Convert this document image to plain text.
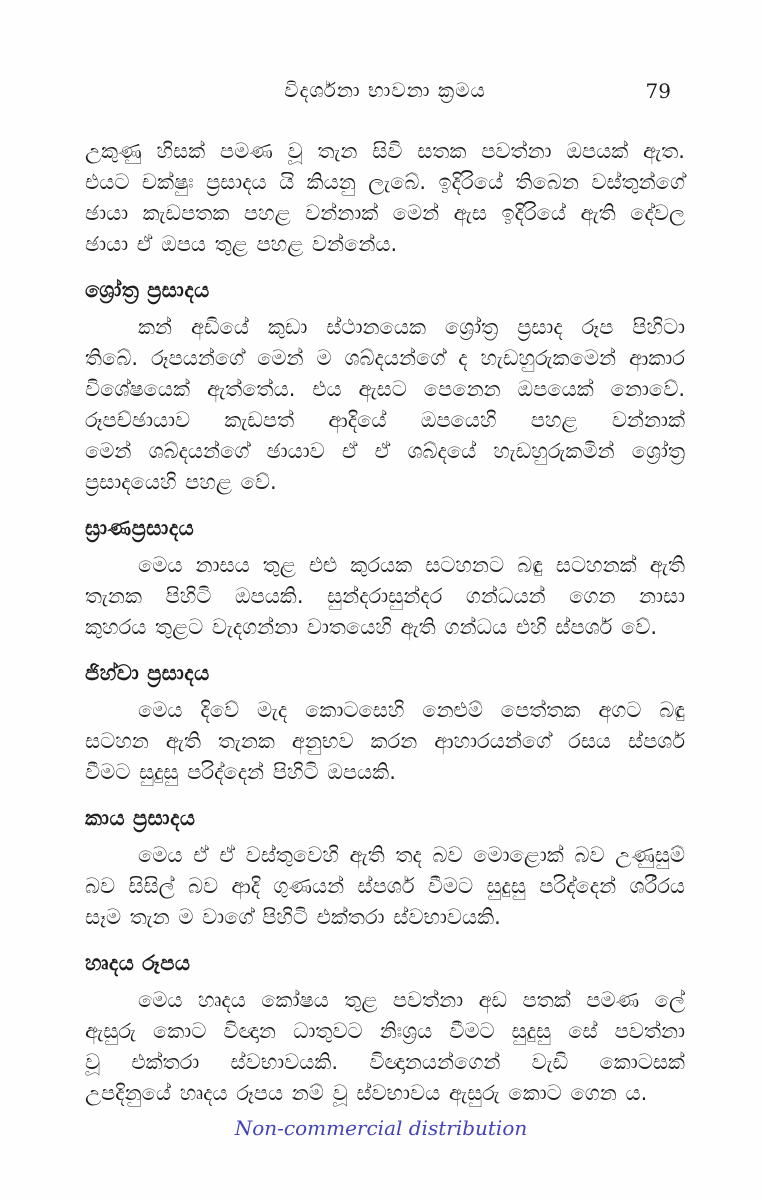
විදර්ශනා භාවනා ක්‍රමය	79
උකුණු හිසක් පමණ වූ තැන සිවි සතක පවත්නා ඔපයක් ඇත.
එයට චක්ෂුඃ ප්‍රසාදය යි කියනු ලැබේ. ඉදිරියේ තිබෙන වස්තුන්ගේ
ඡායා කැඩපතක පහළ වන්නාක් මෙන් ඇස ඉදිරියේ ඇති දේවල
ඡායා ඒ ඔපය තුළ පහළ වන්නේය.
ශ්‍රෝත්‍ර ප්‍රසාදය
කන් අඩියේ කුඩා ස්ථානයෙක ශ්‍රෝත්‍ර ප්‍රසාද රූප පිහිටා
තිබේ. රූපයන්ගේ මෙන් ම ශබ්දයන්ගේ ද හැඩහුරුකමෙන් ආකාර
විශේෂයෙක් ඇත්තේය. එය ඇසට පෙනෙන ඔපයෙක් නොවේ.
රූපච්ඡායාව කැඩපත් ආදියේ ඔපයෙහි පහළ වන්නාක්
මෙන් ශබ්දයන්ගේ ඡායාව ඒ ඒ ශබ්දයේ හැඩහුරුකමින් ශ්‍රෝත්‍ර
ප්‍රසාදයෙහි පහළ වේ.
ඝ්‍රාණප්‍රසාදය
මෙය නාසය තුළ එළු කුරයක සටහනට බඳු සටහනක් ඇති
තැනක පිහිටි ඔපයකි. සුන්දරාසුන්දර ගන්ධයන් ගෙන නාසා
කුහරය තුළට වැදගන්නා වාතයෙහි ඇති ගන්ධය එහි ස්පර්ශ වේ.
ජිහ්වා ප්‍රසාදය
මෙය දිවේ මැද කොටසෙහි නෙළුම් පෙත්තක අගට බඳු
සටහන ඇති තැනක අනුභව කරන ආහාරයන්ගේ රසය ස්පර්ශ
වීමට සුදුසු පරිද්දෙන් පිහිටි ඔපයකි.
කාය ප්‍රසාදය
මෙය ඒ ඒ වස්තුවෙහි ඇති තද බව මොළොක් බව උණුසුම්
බව සිසිල් බව ආදි ගුණයන් ස්පර්ශ වීමට සුදුසු පරිද්දෙන් ශරීරය
සෑම තැන ම වාගේ පිහිටි එක්තරා ස්වභාවයකි.
හෘදය රූපය
මෙය හෘදය කෝෂය තුළ පවත්නා අඩ පතක් පමණ ලේ
ඇසුරු කොට විඥාන ධාතුවට නිඃශ්‍රය වීමට සුදුසු සේ පවත්නා
වූ එක්තරා ස්වභාවයකි. විඥානයන්ගෙන් වැඩි කොටසක්
උපදිනුයේ හෘදය රූපය නම් වූ ස්වභාවය ඇසුරු කොට ගෙන ය.
Non-commercial distribution
